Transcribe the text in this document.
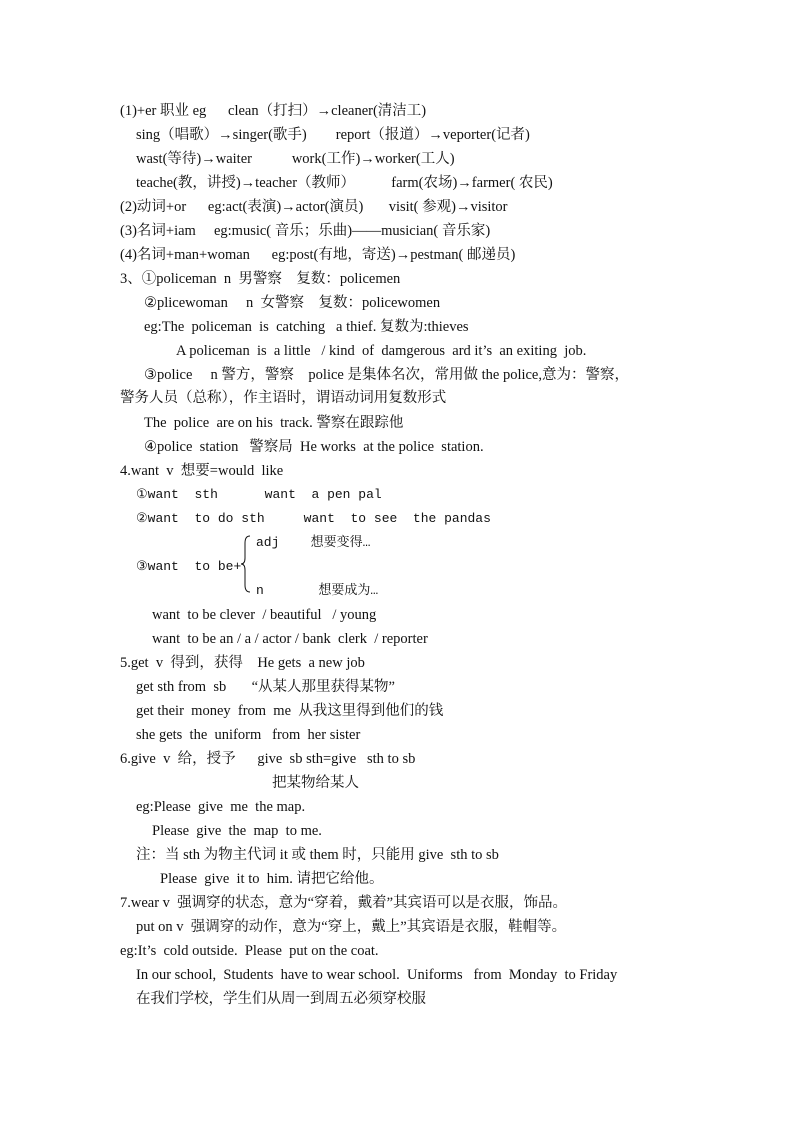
(1)+er 职业 eg      clean（打扫）→cleaner(清洁工)
sing（唱歌）→singer(歌手)        report（报道）→veporter(记者)
wast(等待)→waiter           work(工作)→worker(工人)
teache(教，讲授)→teacher（教师）          farm(农场)→farmer( 农民)
(2)动词+or      eg:act(表演)→actor(演员)       visit( 参观)→visitor
(3)名词+iam     eg:music( 音乐；乐曲)——musician( 音乐家)
(4)名词+man+woman      eg:post(有地，寄送)→pestman( 邮递员)
3、①policeman  n  男警察    复数：policemen
②plicewoman     n  女警察    复数：policewomen
eg:The  policeman  is  catching   a thief. 复数为:thieves
A policeman  is  a little   / kind  of  damgerous  ard it’s  an exiting  job.
③police     n 警方，警察    police 是集体名次，常用做 the police,意为：警察，
警务人员（总称），作主语时，谓语动词用复数形式
The  police  are on his  track. 警察在跟踪他
④police  station   警察局  He works  at the police  station.
4.want  v  想要=would  like
①want  sth      want  a pen pal
②want  to do sth     want  to see  the pandas
adj    想要变得…
③want  to be+
n       想要成为…
want  to be clever  / beautiful   / young
want  to be an / a / actor / bank  clerk  / reporter
5.get  v  得到，获得    He gets  a new job
get sth from  sb       “从某人那里获得某物”
get their  money  from  me  从我这里得到他们的钱
she gets  the  uniform   from  her sister
6.give  v  给，授予      give  sb sth=give   sth to sb
把某物给某人
eg:Please  give  me  the map.
Please  give  the  map  to me.
注：当 sth 为物主代词 it 或 them 时，只能用 give  sth to sb
Please  give  it to  him. 请把它给他。
7.wear v  强调穿的状态，意为“穿着，戴着”其宾语可以是衣服，饰品。
put on v  强调穿的动作，意为“穿上，戴上”其宾语是衣服，鞋帽等。
eg:It’s  cold outside.  Please  put on the coat.
In our school,  Students  have to wear school.  Uniforms   from  Monday  to Friday
在我们学校，学生们从周一到周五必须穿校服
